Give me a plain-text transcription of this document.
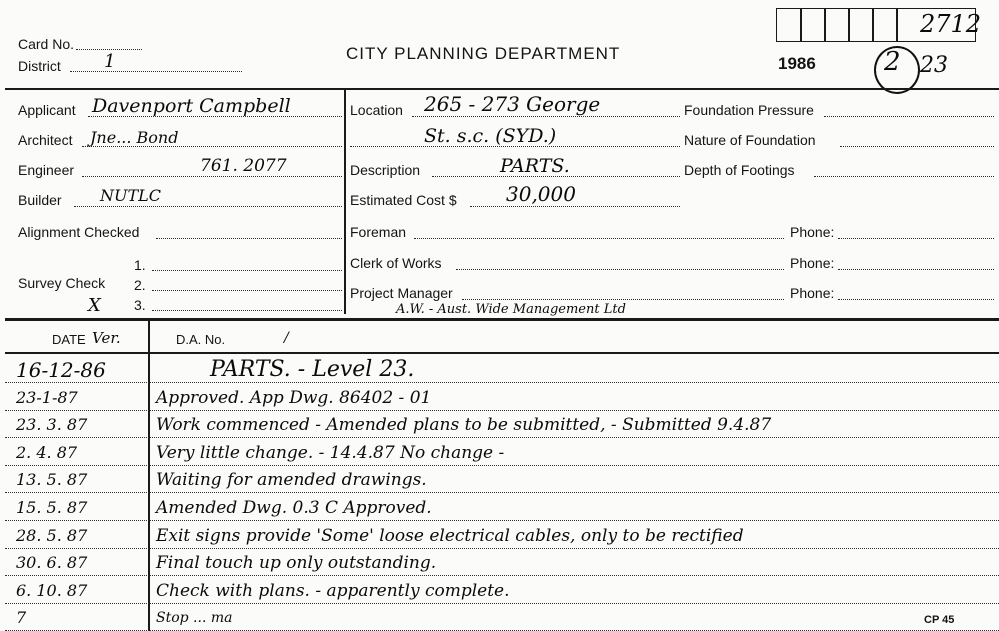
Card No.
District 1	CITY PLANNING DEPARTMENT
1986
2712
2 23
Applicant Davenport Campbell
Architect Jne... Bond
Engineer	761. 2077
Builder NUTLC
Alignment Checked
Survey Check
1.
2.
3.
X
Location 265 - 273 George
St. s.c. (SYD.)
Description	PARTS.
Estimated Cost $ 30,000
Foreman
Clerk of Works
Project Manager
A.W. - Aust. Wide Management Ltd
Foundation Pressure
Nature of Foundation
Depth of Footings
Phone:
Phone:
Phone:
DATE Ver.	D.A. No.	/
16-12-86	PARTS. - Level 23.
23-1-87	Approved. App Dwg. 86402 - 01
23. 3. 87	Work commenced - Amended plans to be submitted, - Submitted 9.4.87
2. 4. 87	Very little change. - 14.4.87 No change -
13. 5. 87	Waiting for amended drawings.
15. 5. 87	Amended Dwg. 0.3 C Approved.
28. 5. 87	Exit signs provide 'Some' loose electrical cables, only to be rectified
30. 6. 87	Final touch up only outstanding.
6. 10. 87	Check with plans. - apparently complete.
7	Stop ... ma	CP 45
